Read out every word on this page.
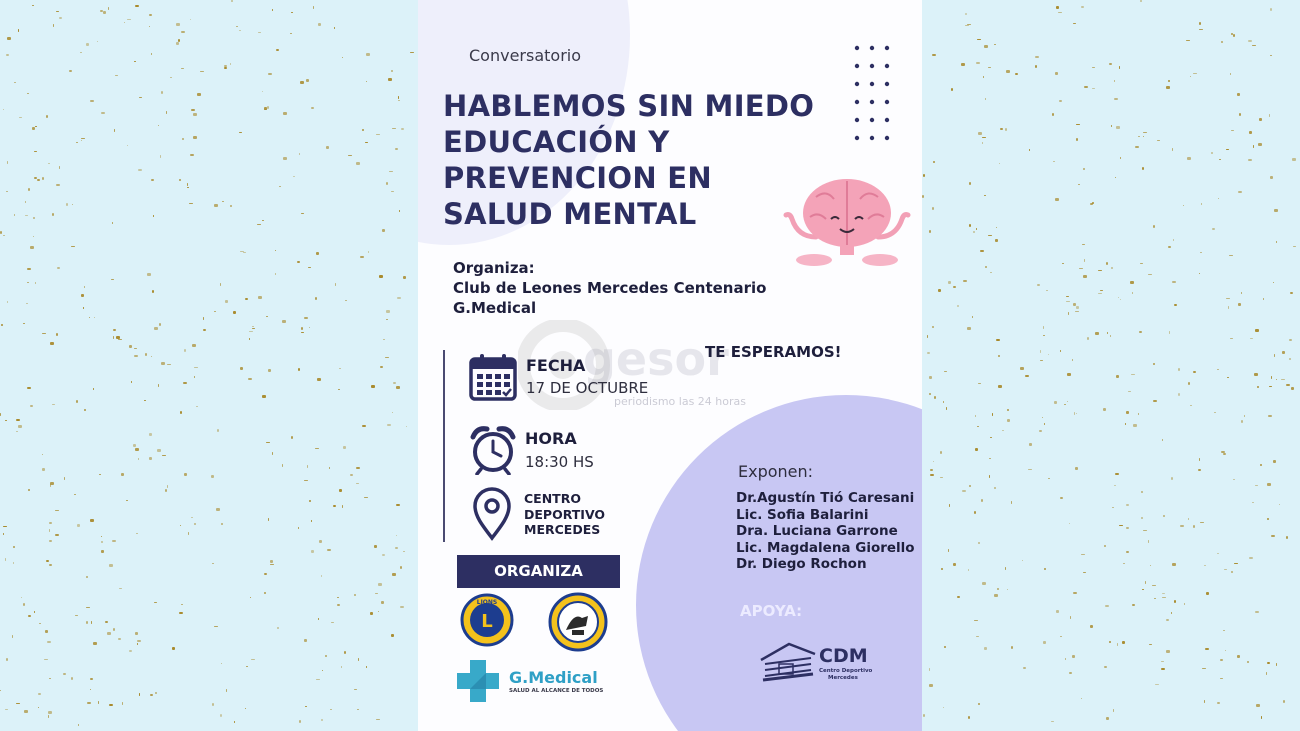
Conversatorio
HABLEMOS SIN MIEDO
EDUCACIÓN Y
PREVENCION EN
SALUD MENTAL
Organiza:
Club de Leones Mercedes Centenario
G.Medical
gesor
periodismo las 24 horas
TE ESPERAMOS!
FECHA
17 DE OCTUBRE
HORA
18:30 HS
CENTRO
DEPORTIVO
MERCEDES
ORGANIZA
L
LIONS
G.Medical
SALUD AL ALCANCE DE TODOS
Exponen:
Dr.Agustín Tió Caresani
Lic. Sofia Balarini
Dra. Luciana Garrone
Lic. Magdalena Giorello
Dr. Diego Rochon
APOYA:
CDM
Centro Deportivo
Mercedes
